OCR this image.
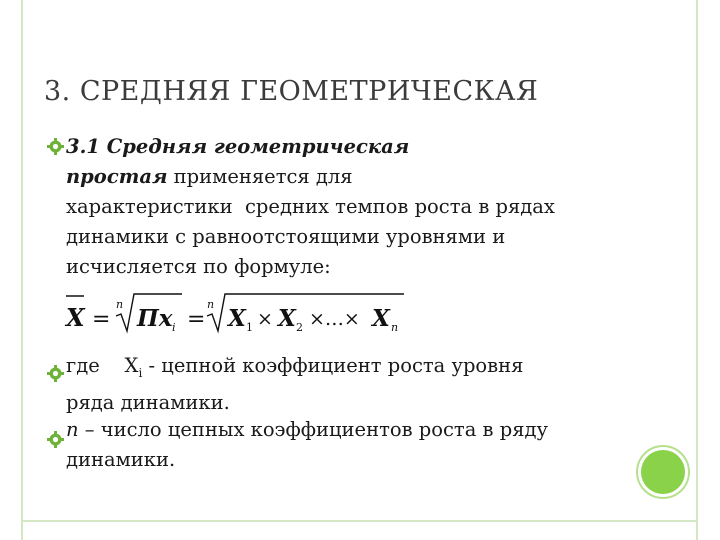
3. СРЕДНЯЯ ГЕОМЕТРИЧЕСКАЯ
3.1 Средняя геометрическая
простая применяется для
характеристики  средних темпов роста в рядах
динамики с равноотстоящими уровнями и
исчисляется по формуле:
X =
n
Пx i =
n
X 1 × X 2 ×…× X n
где    $X_i$ - цепной коэффициент роста уровня
ряда динамики.
n – число цепных коэффициентов роста в ряду
динамики.
